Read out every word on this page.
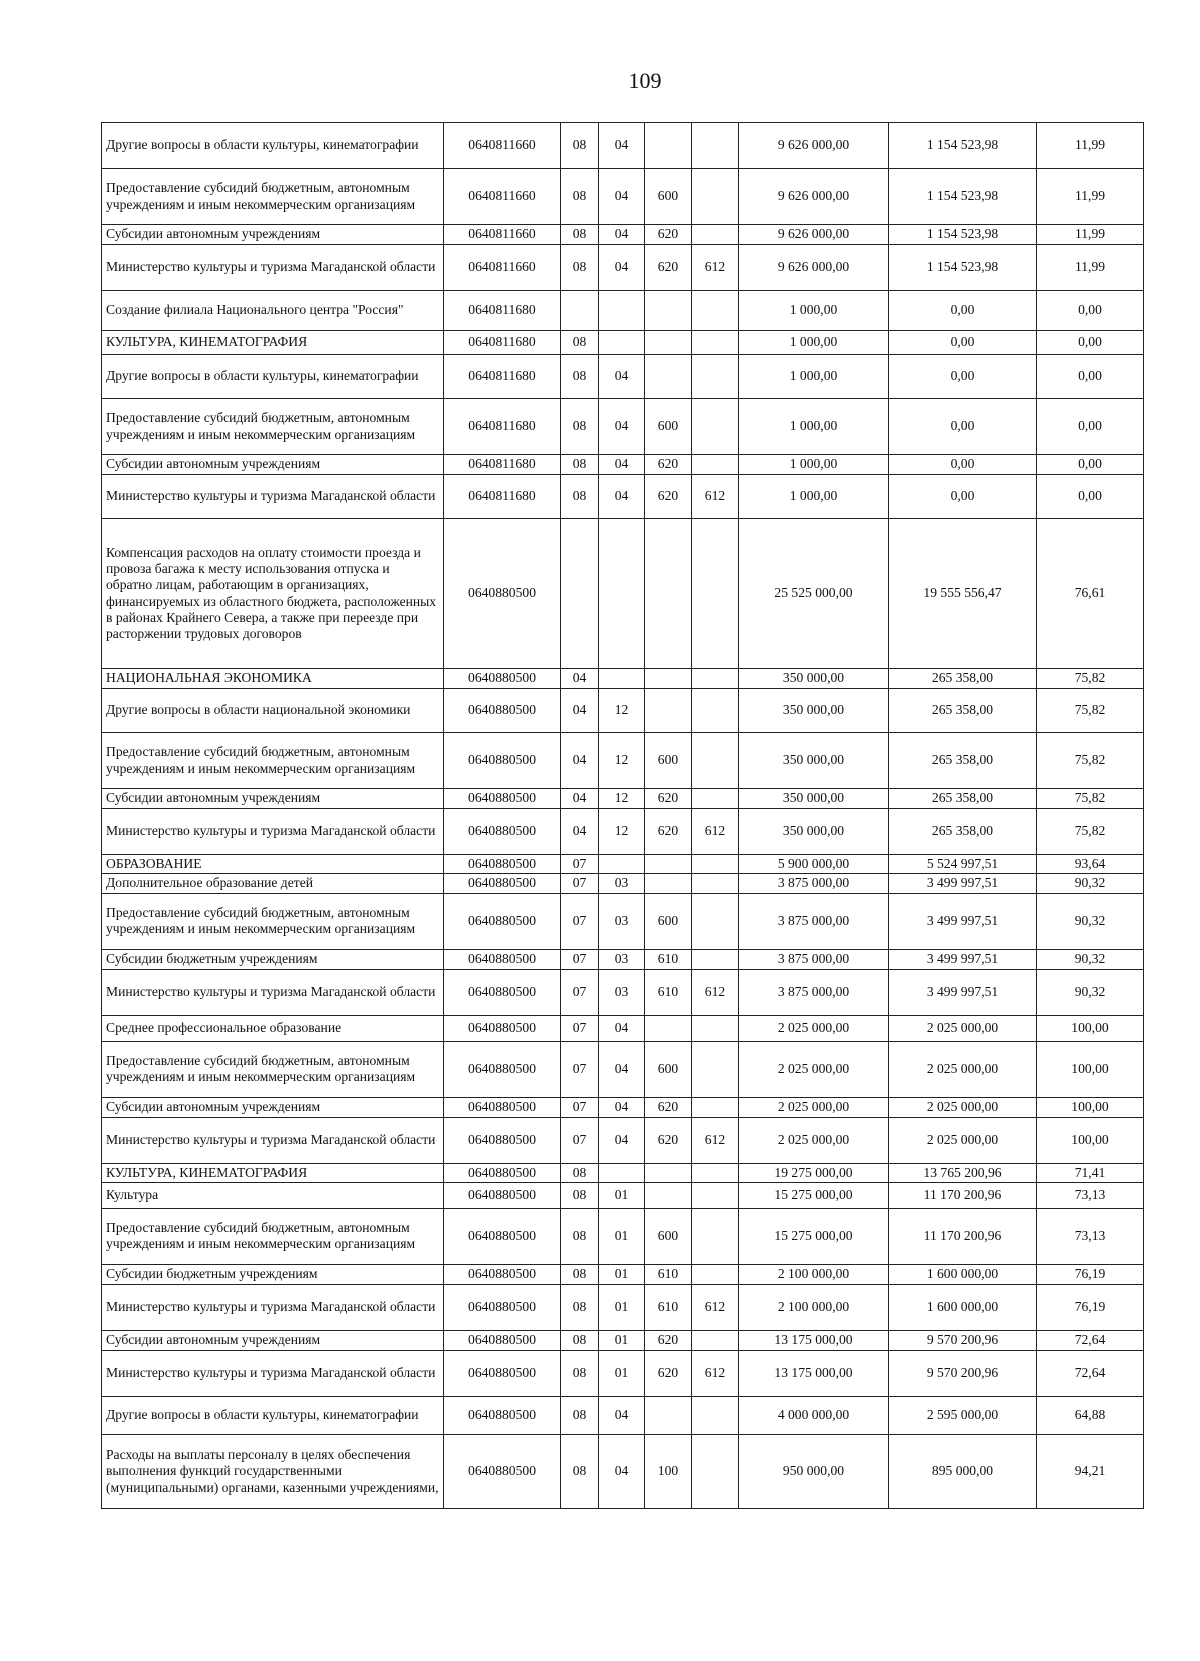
109
Другие вопросы в области культуры, кинематографии	0640811660	08	04			9 626 000,00	1 154 523,98	11,99
Предоставление субсидий бюджетным, автономным учреждениям и иным некоммерческим организациям	0640811660	08	04	600		9 626 000,00	1 154 523,98	11,99
Субсидии автономным учреждениям	0640811660	08	04	620		9 626 000,00	1 154 523,98	11,99
Министерство культуры и туризма Магаданской области	0640811660	08	04	620	612	9 626 000,00	1 154 523,98	11,99
Создание филиала Национального центра "Россия"	0640811680					1 000,00	0,00	0,00
КУЛЬТУРА, КИНЕМАТОГРАФИЯ	0640811680	08				1 000,00	0,00	0,00
Другие вопросы в области культуры, кинематографии	0640811680	08	04			1 000,00	0,00	0,00
Предоставление субсидий бюджетным, автономным учреждениям и иным некоммерческим организациям	0640811680	08	04	600		1 000,00	0,00	0,00
Субсидии автономным учреждениям	0640811680	08	04	620		1 000,00	0,00	0,00
Министерство культуры и туризма Магаданской области	0640811680	08	04	620	612	1 000,00	0,00	0,00
Компенсация расходов на оплату стоимости проезда и провоза багажа к месту использования отпуска и обратно лицам, работающим в организациях, финансируемых из областного бюджета, расположенных в районах Крайнего Севера, а также при переезде при расторжении трудовых договоров	0640880500					25 525 000,00	19 555 556,47	76,61
НАЦИОНАЛЬНАЯ ЭКОНОМИКА	0640880500	04				350 000,00	265 358,00	75,82
Другие вопросы в области национальной экономики	0640880500	04	12			350 000,00	265 358,00	75,82
Предоставление субсидий бюджетным, автономным учреждениям и иным некоммерческим организациям	0640880500	04	12	600		350 000,00	265 358,00	75,82
Субсидии автономным учреждениям	0640880500	04	12	620		350 000,00	265 358,00	75,82
Министерство культуры и туризма Магаданской области	0640880500	04	12	620	612	350 000,00	265 358,00	75,82
ОБРАЗОВАНИЕ	0640880500	07				5 900 000,00	5 524 997,51	93,64
Дополнительное образование детей	0640880500	07	03			3 875 000,00	3 499 997,51	90,32
Предоставление субсидий бюджетным, автономным учреждениям и иным некоммерческим организациям	0640880500	07	03	600		3 875 000,00	3 499 997,51	90,32
Субсидии бюджетным учреждениям	0640880500	07	03	610		3 875 000,00	3 499 997,51	90,32
Министерство культуры и туризма Магаданской области	0640880500	07	03	610	612	3 875 000,00	3 499 997,51	90,32
Среднее профессиональное образование	0640880500	07	04			2 025 000,00	2 025 000,00	100,00
Предоставление субсидий бюджетным, автономным учреждениям и иным некоммерческим организациям	0640880500	07	04	600		2 025 000,00	2 025 000,00	100,00
Субсидии автономным учреждениям	0640880500	07	04	620		2 025 000,00	2 025 000,00	100,00
Министерство культуры и туризма Магаданской области	0640880500	07	04	620	612	2 025 000,00	2 025 000,00	100,00
КУЛЬТУРА, КИНЕМАТОГРАФИЯ	0640880500	08				19 275 000,00	13 765 200,96	71,41
Культура	0640880500	08	01			15 275 000,00	11 170 200,96	73,13
Предоставление субсидий бюджетным, автономным учреждениям и иным некоммерческим организациям	0640880500	08	01	600		15 275 000,00	11 170 200,96	73,13
Субсидии бюджетным учреждениям	0640880500	08	01	610		2 100 000,00	1 600 000,00	76,19
Министерство культуры и туризма Магаданской области	0640880500	08	01	610	612	2 100 000,00	1 600 000,00	76,19
Субсидии автономным учреждениям	0640880500	08	01	620		13 175 000,00	9 570 200,96	72,64
Министерство культуры и туризма Магаданской области	0640880500	08	01	620	612	13 175 000,00	9 570 200,96	72,64
Другие вопросы в области культуры, кинематографии	0640880500	08	04			4 000 000,00	2 595 000,00	64,88
Расходы на выплаты персоналу в целях обеспечения выполнения функций государственными (муниципальными) органами, казенными учреждениями,	0640880500	08	04	100		950 000,00	895 000,00	94,21
